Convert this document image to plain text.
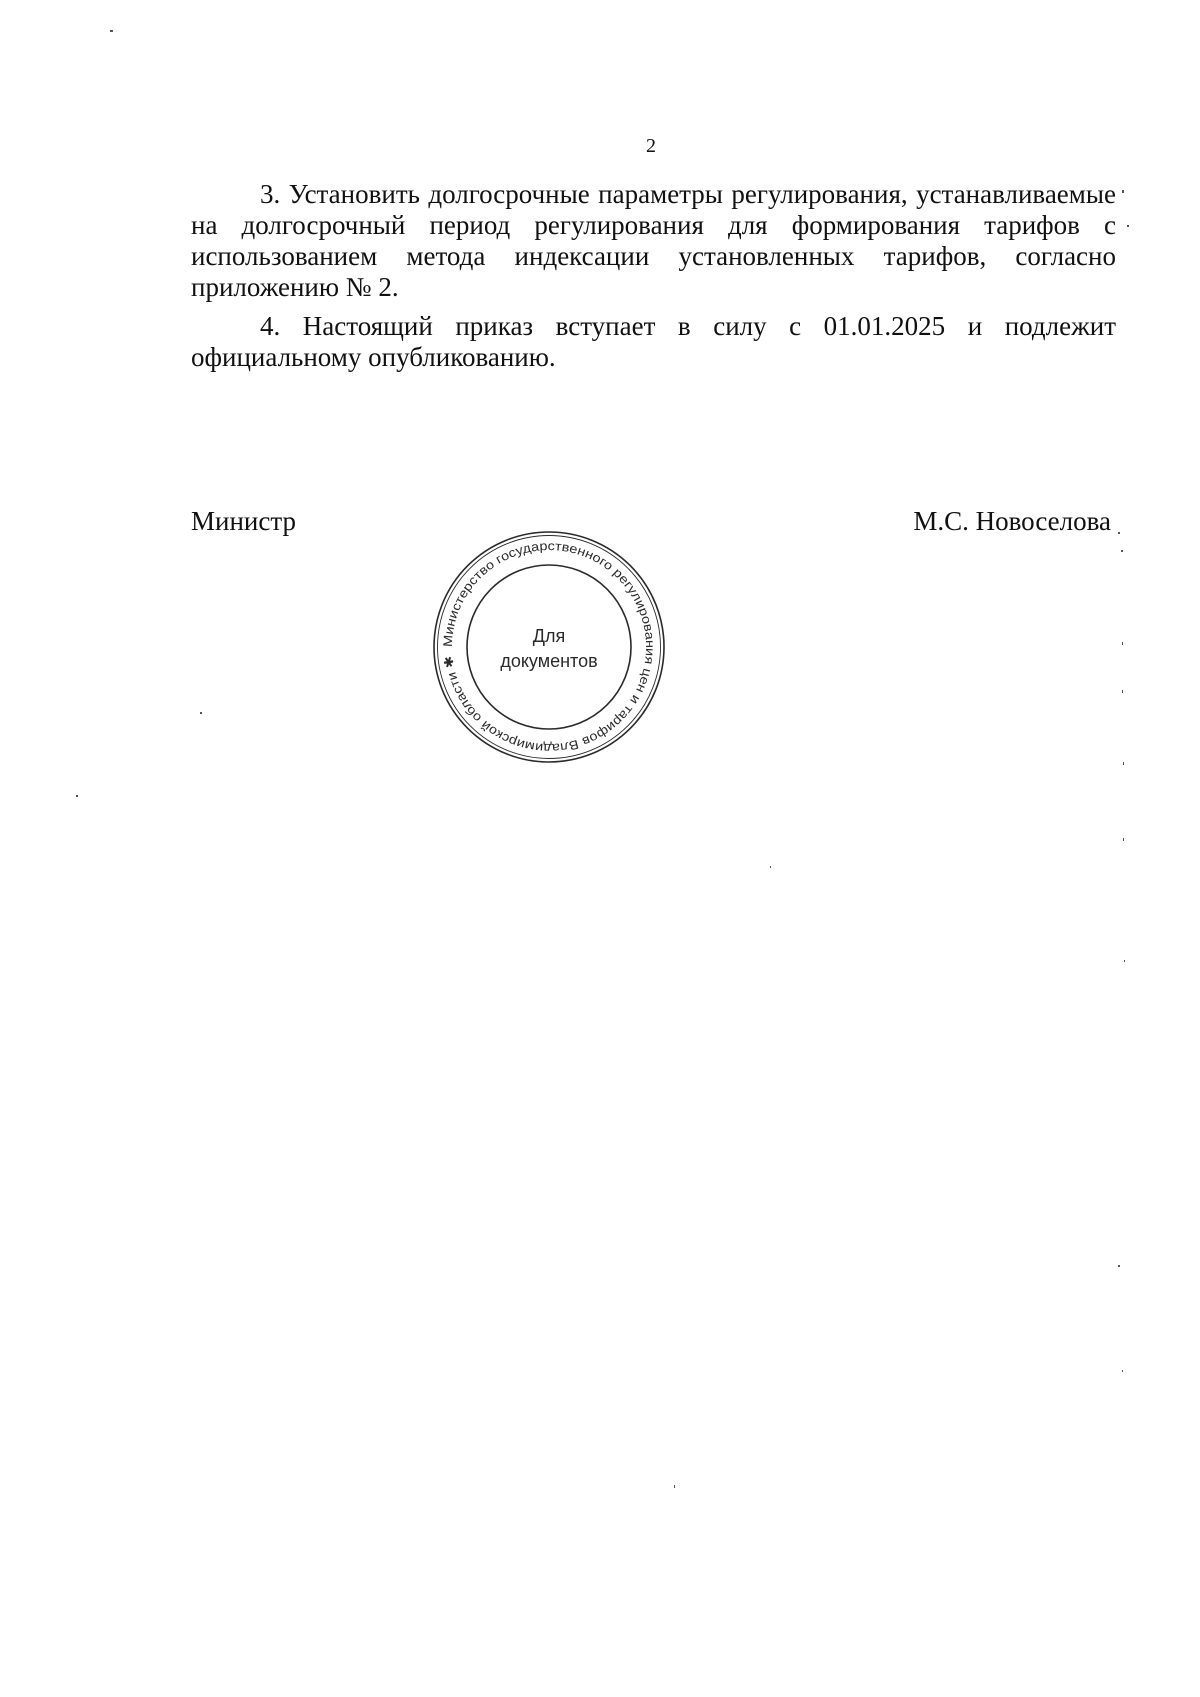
2

3. Установить долгосрочные параметры регулирования, устанавливаемые на долгосрочный период регулирования для формирования тарифов с использованием метода индексации установленных тарифов, согласно приложению № 2.

4. Настоящий приказ вступает в силу с 01.01.2025 и подлежит официальному опубликованию.

Министр	М.С. Новоселова
Министерство государственного регулирования цен и тарифов Владимирской области ✱
Для
документов
